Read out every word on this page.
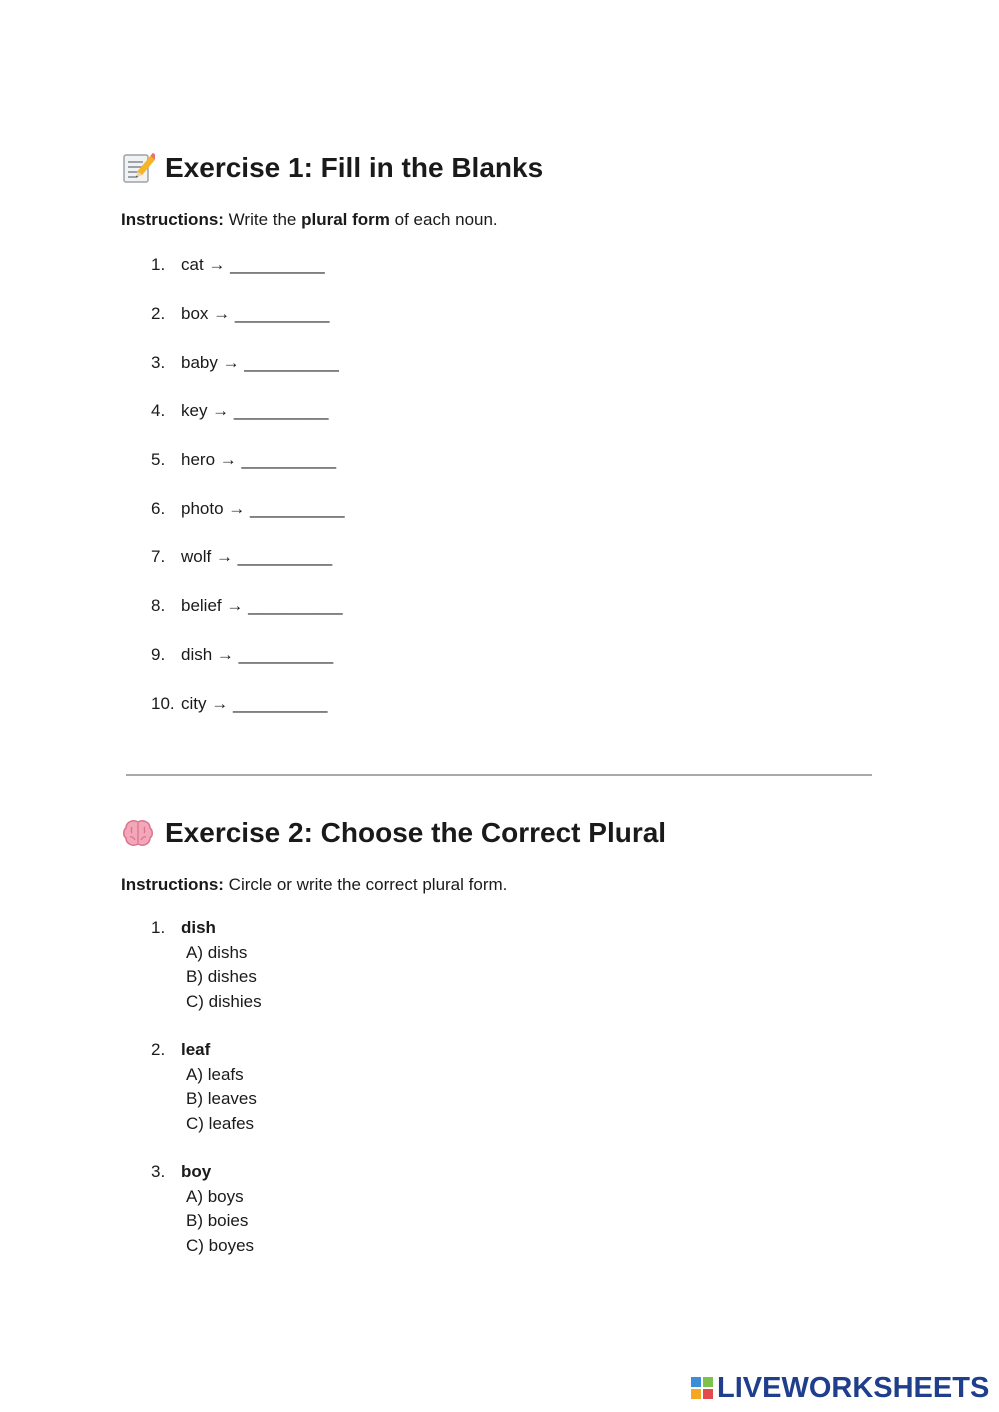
Exercise 1: Fill in the Blanks

Instructions: Write the plural form of each noun.

1. cat → __________
2. box → __________
3. baby → __________
4. key → __________
5. hero → __________
6. photo → __________
7. wolf → __________
8. belief → __________
9. dish → __________
10. city → __________
Exercise 2: Choose the Correct Plural

Instructions: Circle or write the correct plural form.

1. dish
A) dishs
B) dishes
C) dishies
2. leaf
A) leafs
B) leaves
C) leafes
3. boy
A) boys
B) boies
C) boyes
LIVEWORKSHEETS
